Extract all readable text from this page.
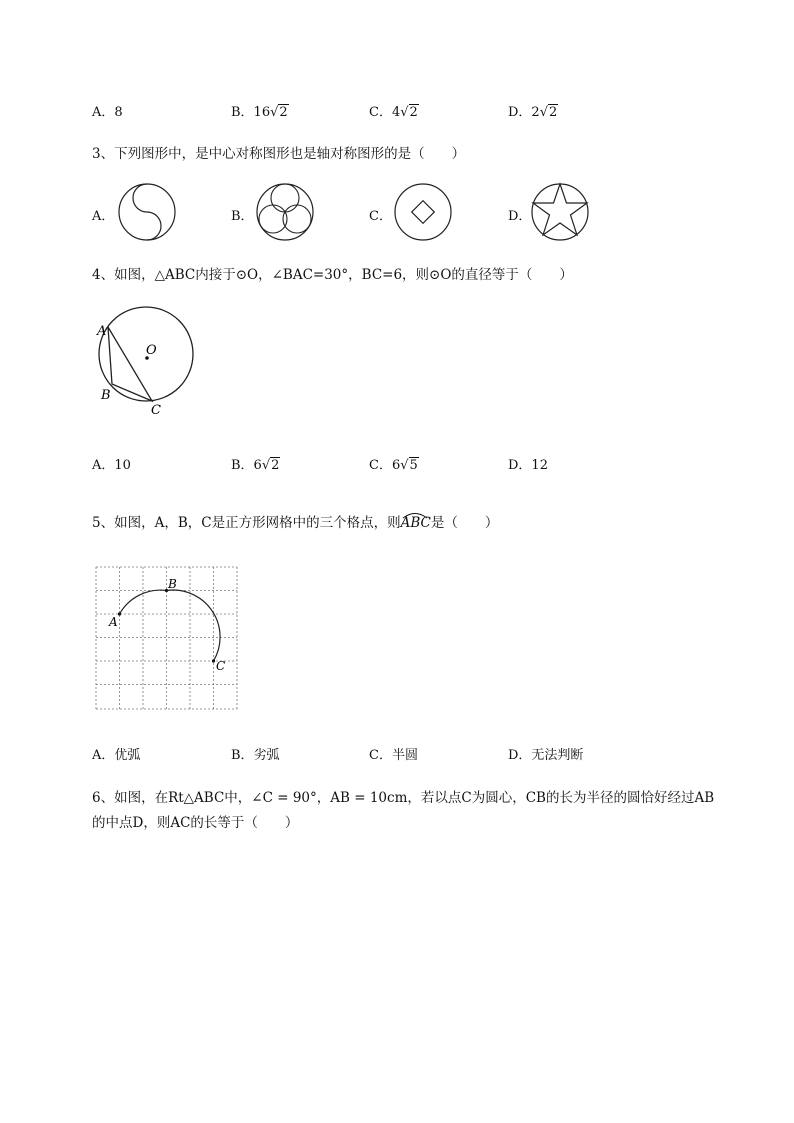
A．8	B．16√2	C．4√2	D．2√2
3、下列图形中，是中心对称图形也是轴对称图形的是（　　）
A．	B．	C．	D．
4、如图，△ABC内接于⊙O，∠BAC=30°，BC=6，则⊙O的直径等于（　　）
A
B
C
O
A．10	B．6√2	C．6√5	D．12
5、如图，A，B，C是正方形网格中的三个格点，则
ABC是（　　）
A
B
C
A．优弧	B．劣弧	C．半圆	D．无法判断
6、如图，在Rt△ABC中，∠C = 90°，AB = 10cm，若以点C为圆心，CB的长为半径的圆恰好经过AB
的中点D，则AC的长等于（　　）
